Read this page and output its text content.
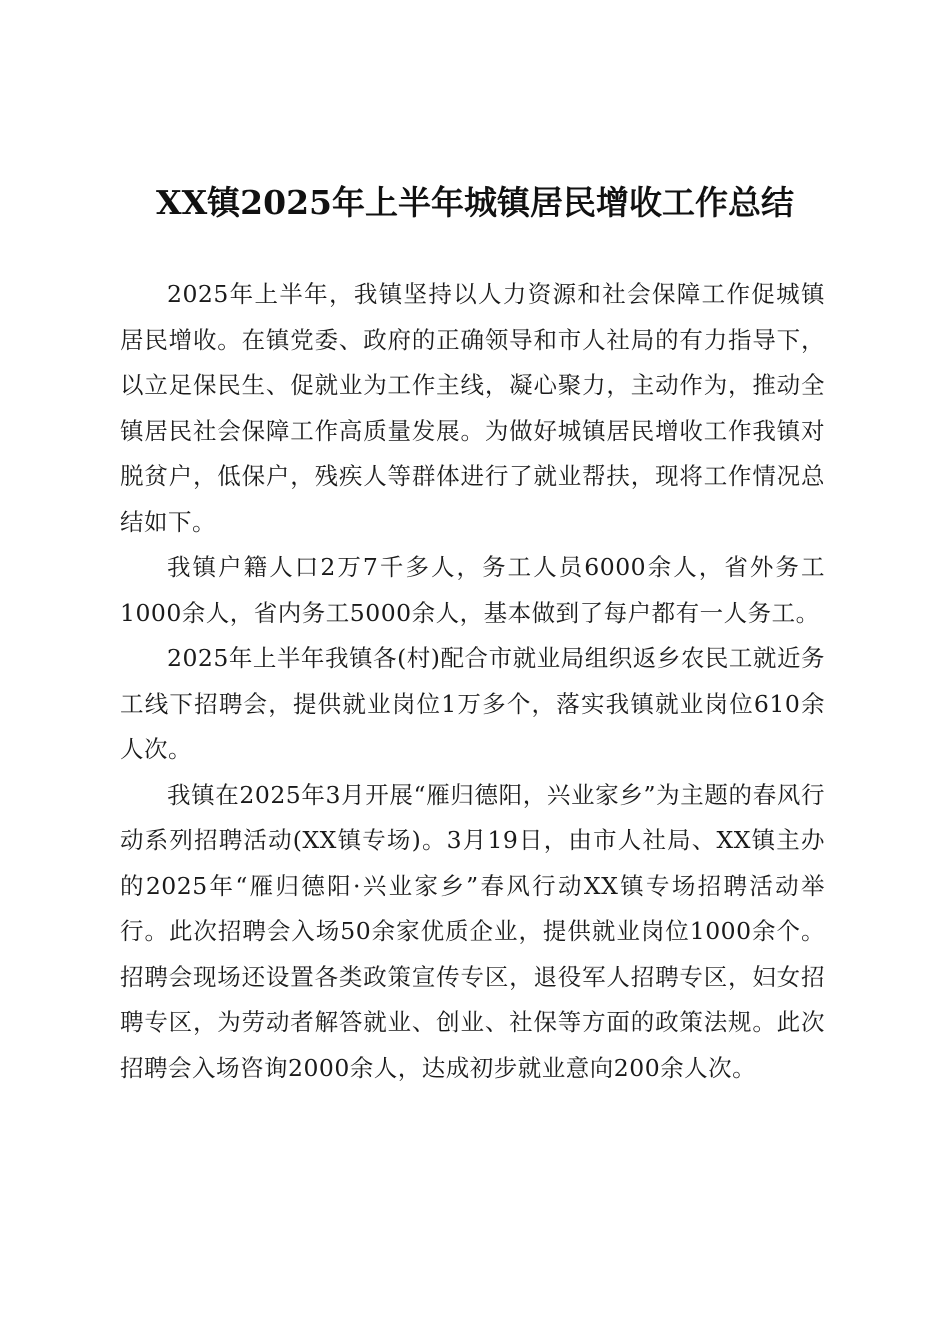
XX镇2025年上半年城镇居民增收工作总结

2025年上半年，我镇坚持以人力资源和社会保障工作促城镇居民增收。在镇党委、政府的正确领导和市人社局的有力指导下，以立足保民生、促就业为工作主线，凝心聚力，主动作为，推动全镇居民社会保障工作高质量发展。为做好城镇居民增收工作我镇对脱贫户，低保户，残疾人等群体进行了就业帮扶，现将工作情况总结如下。

我镇户籍人口2万7千多人，务工人员6000余人，省外务工1000余人，省内务工5000余人，基本做到了每户都有一人务工。

2025年上半年我镇各(村)配合市就业局组织返乡农民工就近务工线下招聘会，提供就业岗位1万多个，落实我镇就业岗位610余人次。

我镇在2025年3月开展“雁归德阳，兴业家乡”为主题的春风行动系列招聘活动(XX镇专场)。3月19日，由市人社局、XX镇主办的2025年“雁归德阳·兴业家乡”春风行动XX镇专场招聘活动举行。此次招聘会入场50余家优质企业，提供就业岗位1000余个。招聘会现场还设置各类政策宣传专区，退役军人招聘专区，妇女招聘专区，为劳动者解答就业、创业、社保等方面的政策法规。此次招聘会入场咨询2000余人，达成初步就业意向200余人次。
